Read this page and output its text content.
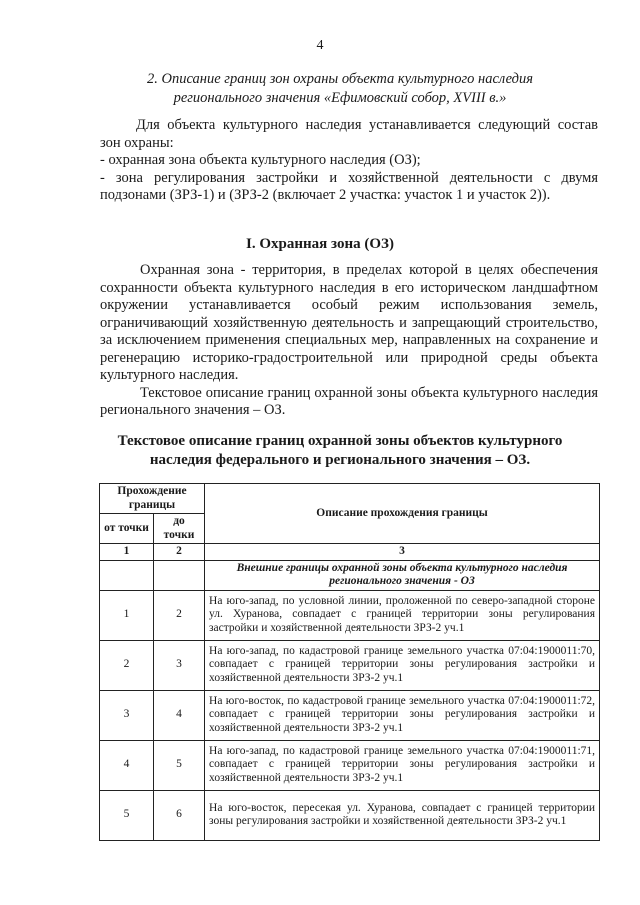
4
2. Описание границ зон охраны объекта культурного наследия
регионального значения «Ефимовский собор, XVIII в.»

Для объекта культурного наследия устанавливается следующий состав зон охраны:

- охранная зона объекта культурного наследия (ОЗ);

- зона регулирования застройки и хозяйственной деятельности с двумя подзонами (ЗРЗ-1) и (ЗРЗ-2 (включает 2 участка: участок 1 и участок 2)).

I. Охранная зона (ОЗ)

Охранная зона - территория, в пределах которой в целях обеспечения сохранности объекта культурного наследия в его историческом ландшафтном окружении устанавливается особый режим использования земель, ограничивающий хозяйственную деятельность и запрещающий строительство, за исключением применения специальных мер, направленных на сохранение и регенерацию историко-градостроительной или природной среды объекта культурного наследия.

Текстовое описание границ охранной зоны объекта культурного наследия регионального значения – ОЗ.

Текстовое описание границ охранной зоны объектов культурного
наследия федерального и регионального значения – ОЗ.
Прохождение границы		Описание прохождения границы
от точки	до точки	
1	2	3
		Внешние границы охранной зоны объекта культурного наследия регионального значения - ОЗ
1	2	На юго-запад, по условной линии, проложенной по северо-западной стороне ул. Хуранова, совпадает с границей территории зоны регулирования застройки и хозяйственной деятельности ЗРЗ-2 уч.1
2	3	На юго-запад, по кадастровой границе земельного участка 07:04:1900011:70, совпадает с границей территории зоны регулирования застройки и хозяйственной деятельности ЗРЗ-2 уч.1
3	4	На юго-восток, по кадастровой границе земельного участка 07:04:1900011:72, совпадает с границей территории зоны регулирования застройки и хозяйственной деятельности ЗРЗ-2 уч.1
4	5	На юго-запад, по кадастровой границе земельного участка 07:04:1900011:71, совпадает с границей территории зоны регулирования застройки и хозяйственной деятельности ЗРЗ-2 уч.1
5	6	На юго-восток, пересекая ул. Хуранова, совпадает с границей территории зоны регулирования застройки и хозяйственной деятельности ЗРЗ-2 уч.1
